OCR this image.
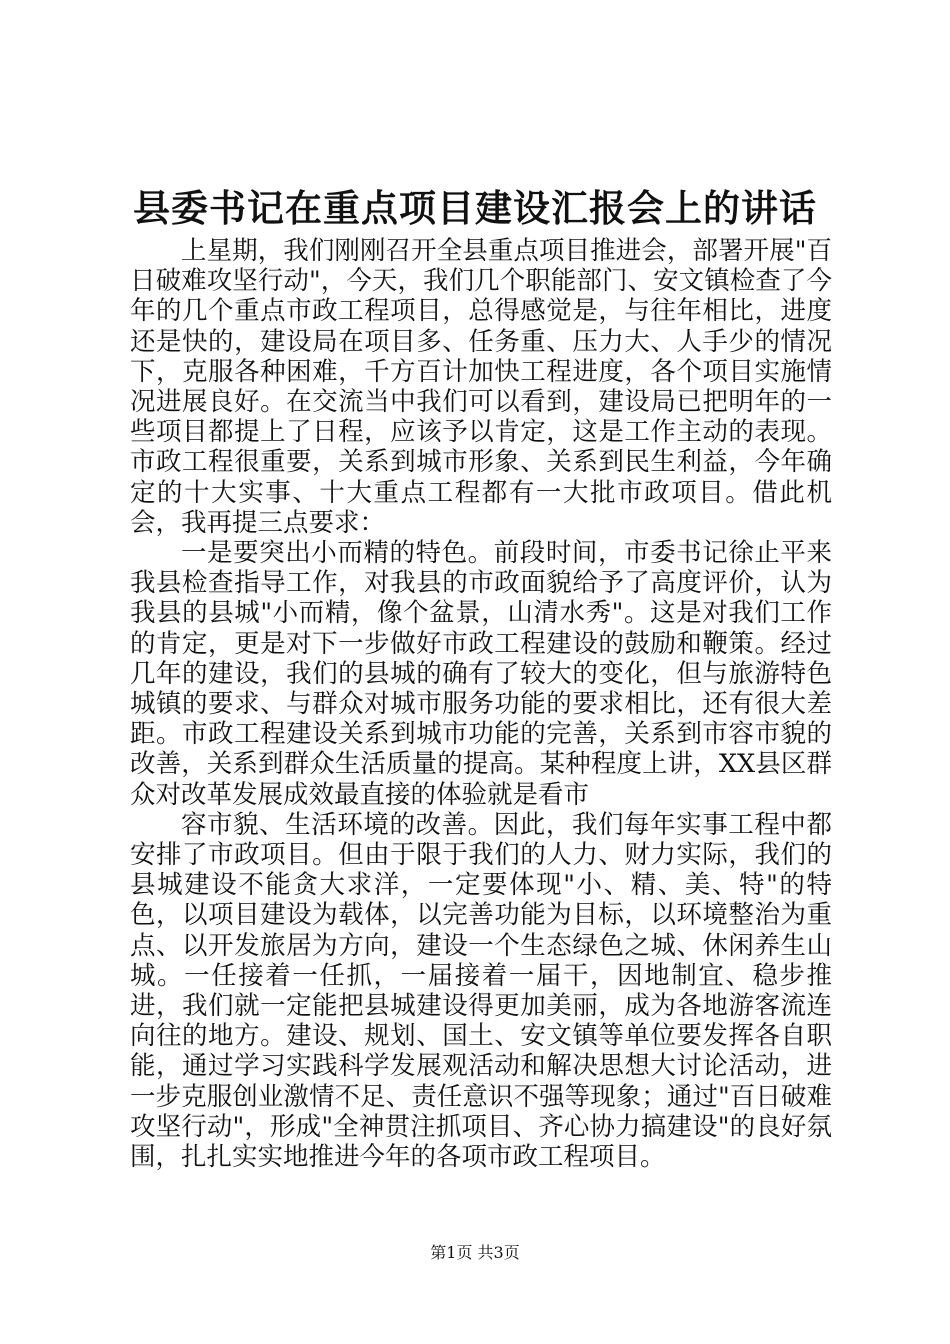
县委书记在重点项目建设汇报会上的讲话

上星期，我们刚刚召开全县重点项目推进会，部署开展"百日破难攻坚行动"，今天，我们几个职能部门、安文镇检查了今年的几个重点市政工程项目，总得感觉是，与往年相比，进度还是快的，建设局在项目多、任务重、压力大、人手少的情况下，克服各种困难，千方百计加快工程进度，各个项目实施情况进展良好。在交流当中我们可以看到，建设局已把明年的一些项目都提上了日程，应该予以肯定，这是工作主动的表现。市政工程很重要，关系到城市形象、关系到民生利益，今年确定的十大实事、十大重点工程都有一大批市政项目。借此机会，我再提三点要求：

一是要突出小而精的特色。前段时间，市委书记徐止平来我县检查指导工作，对我县的市政面貌给予了高度评价，认为我县的县城"小而精，像个盆景，山清水秀"。这是对我们工作的肯定，更是对下一步做好市政工程建设的鼓励和鞭策。经过几年的建设，我们的县城的确有了较大的变化，但与旅游特色城镇的要求、与群众对城市服务功能的要求相比，还有很大差距。市政工程建设关系到城市功能的完善，关系到市容市貌的改善，关系到群众生活质量的提高。某种程度上讲，XX县区群众对改革发展成效最直接的体验就是看市

容市貌、生活环境的改善。因此，我们每年实事工程中都安排了市政项目。但由于限于我们的人力、财力实际，我们的县城建设不能贪大求洋，一定要体现"小、精、美、特"的特色，以项目建设为载体，以完善功能为目标，以环境整治为重点、以开发旅居为方向，建设一个生态绿色之城、休闲养生山城。一任接着一任抓，一届接着一届干，因地制宜、稳步推进，我们就一定能把县城建设得更加美丽，成为各地游客流连向往的地方。建设、规划、国土、安文镇等单位要发挥各自职能，通过学习实践科学发展观活动和解决思想大讨论活动，进一步克服创业激情不足、责任意识不强等现象；通过"百日破难攻坚行动"，形成"全神贯注抓项目、齐心协力搞建设"的良好氛围，扎扎实实地推进今年的各项市政工程项目。

第1页 共3页
